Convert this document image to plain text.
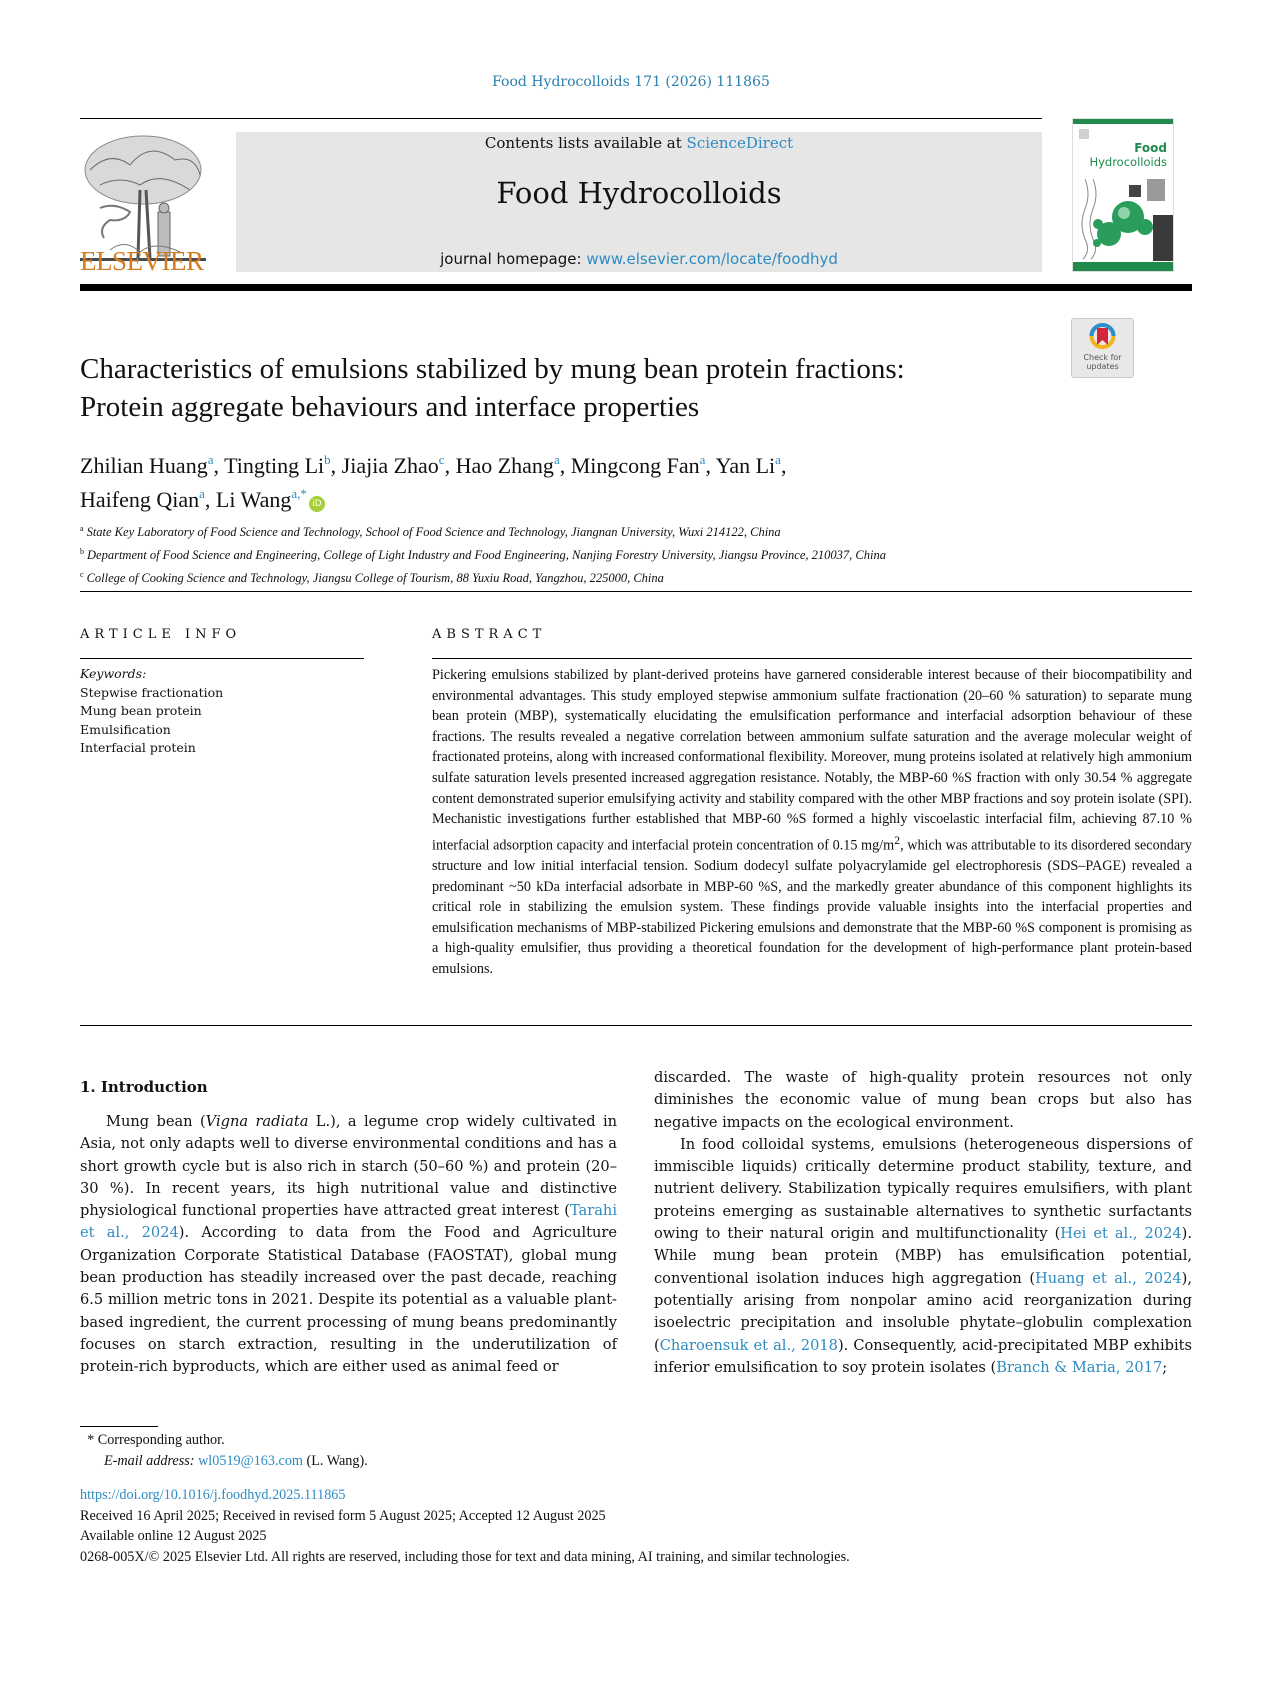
Food Hydrocolloids 171 (2026) 111865
ELSEVIER
Contents lists available at ScienceDirect
Food Hydrocolloids
journal homepage: www.elsevier.com/locate/foodhyd
Food
Hydrocolloids
Check for
updates
Characteristics of emulsions stabilized by mung bean protein fractions:
Protein aggregate behaviours and interface properties
Zhilian Huang$^a$, Tingting Li$^b$, Jiajia Zhao$^c$, Hao Zhang$^a$, Mingcong Fan$^a$, Yan Li$^a$,
Haifeng Qian$^a$, Li Wang$^{a,*}$iD
$^a$ State Key Laboratory of Food Science and Technology, School of Food Science and Technology, Jiangnan University, Wuxi 214122, China
$^b$ Department of Food Science and Engineering, College of Light Industry and Food Engineering, Nanjing Forestry University, Jiangsu Province, 210037, China
$^c$ College of Cooking Science and Technology, Jiangsu College of Tourism, 88 Yuxiu Road, Yangzhou, 225000, China
ARTICLE INFO	ABSTRACT
Keywords:
Stepwise fractionation
Mung bean protein
Emulsification
Interfacial protein
Pickering emulsions stabilized by plant-derived proteins have garnered considerable interest because of their biocompatibility and environmental advantages. This study employed stepwise ammonium sulfate fractionation (20–60 % saturation) to separate mung bean protein (MBP), systematically elucidating the emulsification performance and interfacial adsorption behaviour of these fractions. The results revealed a negative correlation between ammonium sulfate saturation and the average molecular weight of fractionated proteins, along with increased conformational flexibility. Moreover, mung proteins isolated at relatively high ammonium sulfate saturation levels presented increased aggregation resistance. Notably, the MBP-60 %S fraction with only 30.54 % aggregate content demonstrated superior emulsifying activity and stability compared with the other MBP fractions and soy protein isolate (SPI). Mechanistic investigations further established that MBP-60 %S formed a highly viscoelastic interfacial film, achieving 87.10 % interfacial adsorption capacity and interfacial protein concentration of 0.15 $mg/m^2$, which was attributable to its disordered secondary structure and low initial interfacial tension. Sodium dodecyl sulfate polyacrylamide gel electrophoresis (SDS–PAGE) revealed a predominant ~50 kDa interfacial adsorbate in MBP-60 %S, and the markedly greater abundance of this component highlights its critical role in stabilizing the emulsion system. These findings provide valuable insights into the interfacial properties and emulsification mechanisms of MBP-stabilized Pickering emulsions and demonstrate that the MBP-60 %S component is promising as a high-quality emulsifier, thus providing a theoretical foundation for the development of high-performance plant protein-based emulsions.
1. Introduction
Mung bean (Vigna radiata L.), a legume crop widely cultivated in Asia, not only adapts well to diverse environmental conditions and has a short growth cycle but is also rich in starch (50–60 %) and protein (20–30 %). In recent years, its high nutritional value and distinctive physiological functional properties have attracted great interest (Tarahi et al., 2024). According to data from the Food and Agriculture Organization Corporate Statistical Database (FAOSTAT), global mung bean production has steadily increased over the past decade, reaching 6.5 million metric tons in 2021. Despite its potential as a valuable plant-based ingredient, the current processing of mung beans predominantly focuses on starch extraction, resulting in the underutilization of protein-rich byproducts, which are either used as animal feed or
discarded. The waste of high-quality protein resources not only diminishes the economic value of mung bean crops but also has negative impacts on the ecological environment.
In food colloidal systems, emulsions (heterogeneous dispersions of immiscible liquids) critically determine product stability, texture, and nutrient delivery. Stabilization typically requires emulsifiers, with plant proteins emerging as sustainable alternatives to synthetic surfactants owing to their natural origin and multifunctionality (Hei et al., 2024). While mung bean protein (MBP) has emulsification potential, conventional isolation induces high aggregation (Huang et al., 2024), potentially arising from nonpolar amino acid reorganization during isoelectric precipitation and insoluble phytate–globulin complexation (Charoensuk et al., 2018). Consequently, acid-precipitated MBP exhibits inferior emulsification to soy protein isolates (Branch & Maria, 2017;
* Corresponding author.
E-mail address: wl0519@163.com (L. Wang).
https://doi.org/10.1016/j.foodhyd.2025.111865
Received 16 April 2025; Received in revised form 5 August 2025; Accepted 12 August 2025
Available online 12 August 2025
0268-005X/© 2025 Elsevier Ltd. All rights are reserved, including those for text and data mining, AI training, and similar technologies.
